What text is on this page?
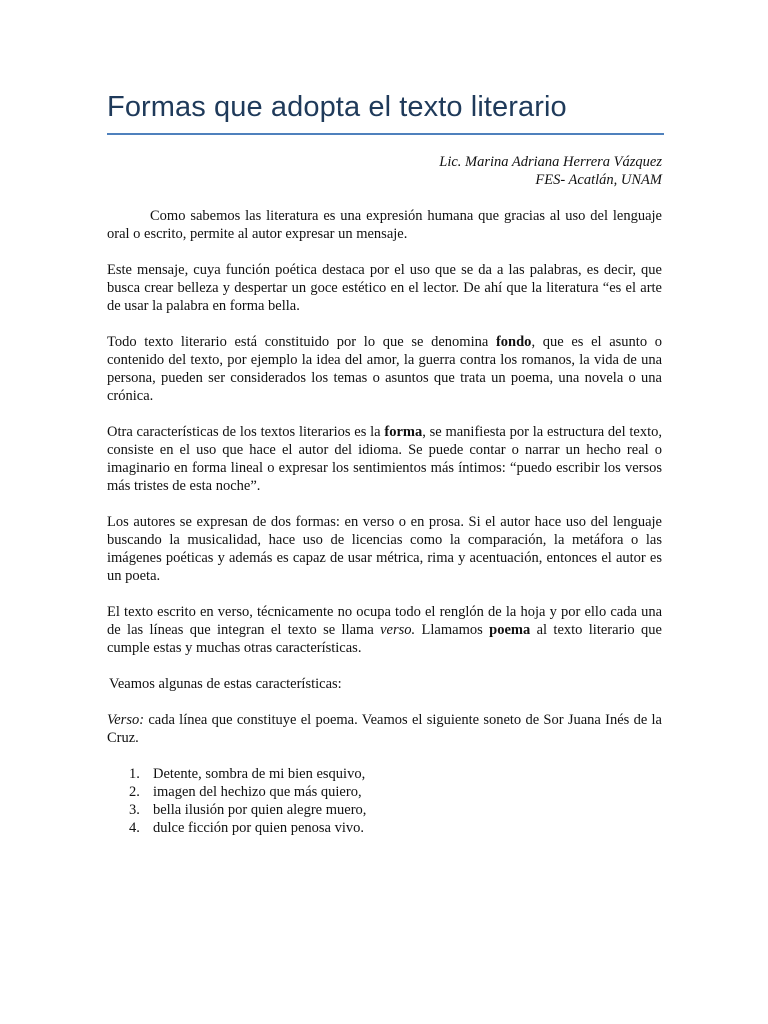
Formas que adopta el texto literario
Lic. Marina Adriana Herrera Vázquez
FES- Acatlán, UNAM

Como sabemos las literatura es una expresión humana que gracias al uso del lenguaje oral o escrito, permite al autor expresar un mensaje.

Este mensaje, cuya función poética destaca por el uso que se da a las palabras, es decir, que busca crear belleza y despertar un goce estético en el lector. De ahí que la literatura “es el arte de usar la palabra en forma bella.

Todo texto literario está constituido por lo que se denomina fondo, que es el asunto o contenido del texto, por ejemplo la idea del amor, la guerra contra los romanos, la vida de una persona, pueden ser considerados los temas o asuntos que trata un poema, una novela o una crónica.

Otra características de los textos literarios es la forma, se manifiesta por la estructura del texto, consiste en el uso que hace el autor del idioma. Se puede contar o narrar un hecho real o imaginario en forma lineal o expresar los sentimientos más íntimos: “puedo escribir los versos más tristes de esta noche”.

Los autores se expresan de dos formas: en verso o en prosa. Si el autor hace uso del lenguaje buscando la musicalidad, hace uso de licencias como la comparación, la metáfora o las imágenes poéticas y además es capaz de usar métrica, rima y acentuación, entonces el autor es un poeta.

El texto escrito en verso, técnicamente no ocupa todo el renglón de la hoja y por ello cada una de las líneas que integran el texto se llama verso. Llamamos poema al texto literario que cumple estas y muchas otras características.

Veamos algunas de estas características:

Verso: cada línea que constituye el poema. Veamos el siguiente soneto de Sor Juana Inés de la Cruz.

1. Detente, sombra de mi bien esquivo,
2. imagen del hechizo que más quiero,
3. bella ilusión por quien alegre muero,
4. dulce ficción por quien penosa vivo.
